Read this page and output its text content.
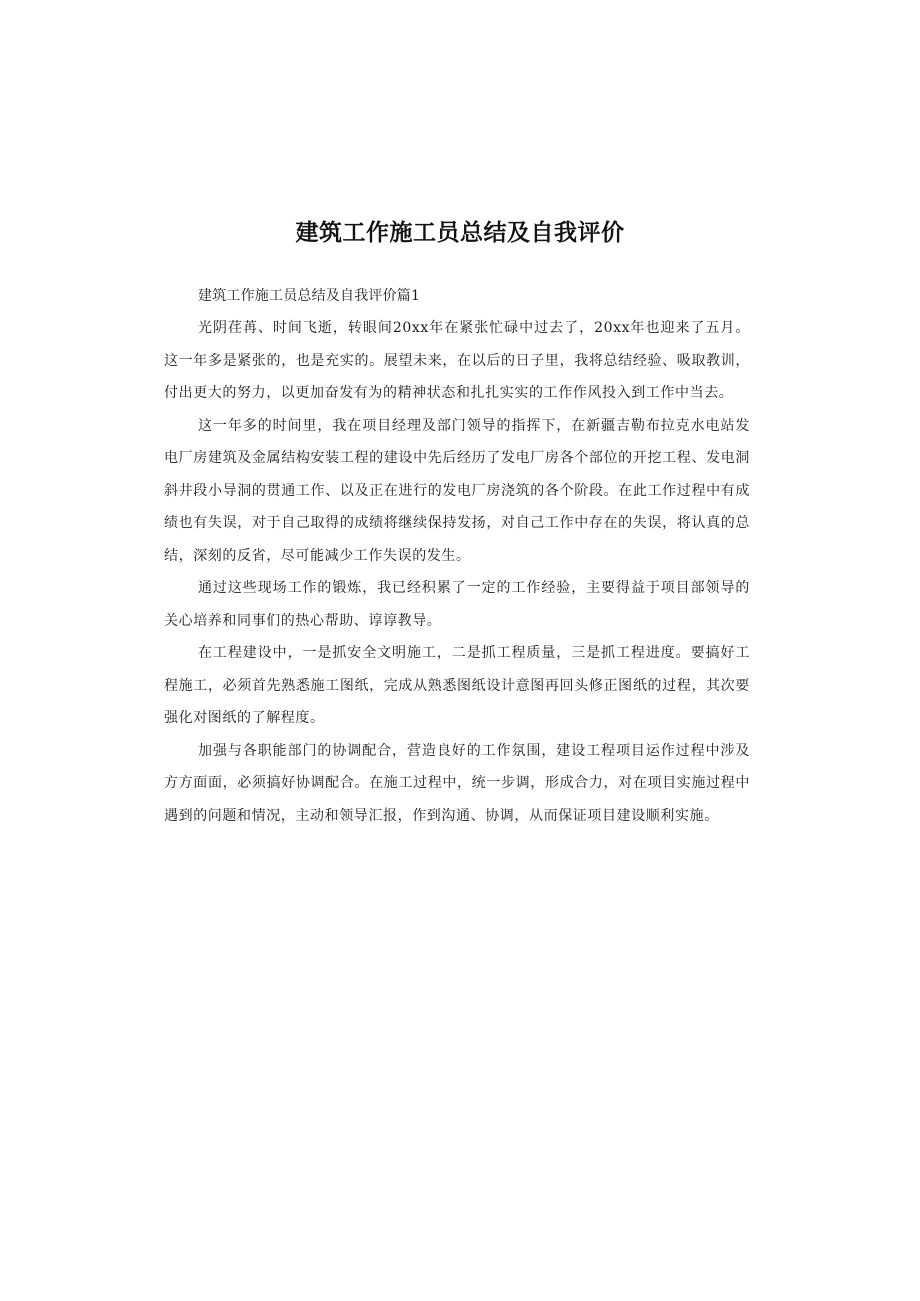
建筑工作施工员总结及自我评价

建筑工作施工员总结及自我评价篇1

光阴荏苒、时间飞逝，转眼间20xx年在紧张忙碌中过去了，20xx年也迎来了五月。这一年多是紧张的，也是充实的。展望未来，在以后的日子里，我将总结经验、吸取教训，付出更大的努力，以更加奋发有为的精神状态和扎扎实实的工作作风投入到工作中当去。

这一年多的时间里，我在项目经理及部门领导的指挥下，在新疆吉勒布拉克水电站发电厂房建筑及金属结构安装工程的建设中先后经历了发电厂房各个部位的开挖工程、发电洞斜井段小导洞的贯通工作、以及正在进行的发电厂房浇筑的各个阶段。在此工作过程中有成绩也有失误，对于自己取得的成绩将继续保持发扬，对自己工作中存在的失误，将认真的总结，深刻的反省，尽可能减少工作失误的发生。

通过这些现场工作的锻炼，我已经积累了一定的工作经验，主要得益于项目部领导的关心培养和同事们的热心帮助、谆谆教导。

在工程建设中，一是抓安全文明施工，二是抓工程质量，三是抓工程进度。要搞好工程施工，必须首先熟悉施工图纸，完成从熟悉图纸设计意图再回头修正图纸的过程，其次要强化对图纸的了解程度。

加强与各职能部门的协调配合，营造良好的工作氛围，建设工程项目运作过程中涉及方方面面，必须搞好协调配合。在施工过程中，统一步调，形成合力，对在项目实施过程中遇到的问题和情况，主动和领导汇报，作到沟通、协调，从而保证项目建设顺利实施。
